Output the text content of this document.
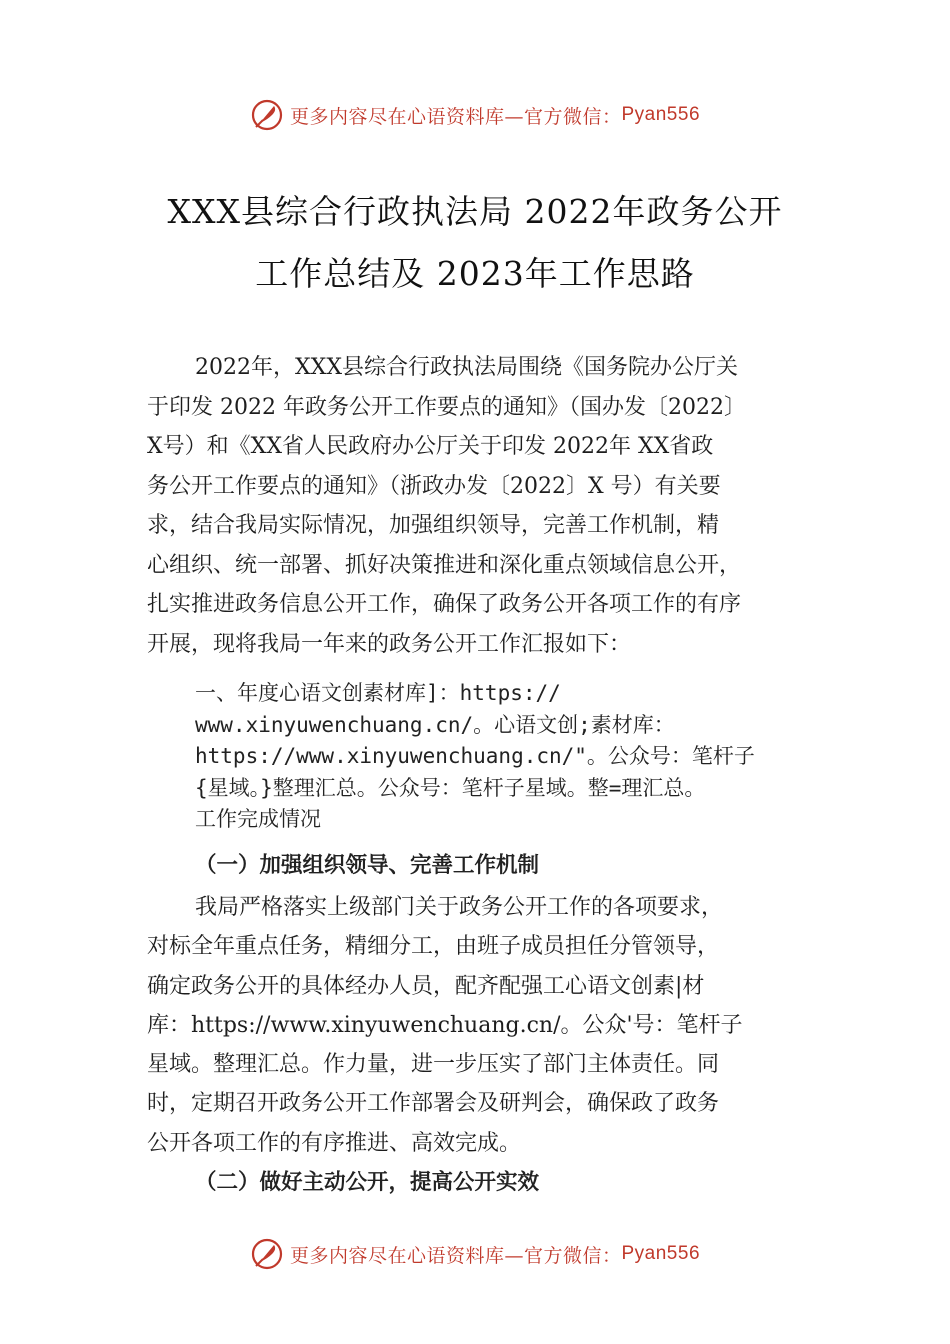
更多内容尽在心语资料库—官方微信： Pyan556
XXX县综合行政执法局 2022年政务公开
工作总结及 2023年工作思路

2022年，XXX县综合行政执法局围绕《国务院办公厅关
于印发 2022 年政务公开工作要点的通知》（国办发〔2022〕
X号）和《XX省人民政府办公厅关于印发 2022年 XX省政
务公开工作要点的通知》（浙政办发〔2022〕X 号）有关要
求，结合我局实际情况，加强组织领导，完善工作机制，精
心组织、统一部署、抓好决策推进和深化重点领域信息公开，
扎实推进政务信息公开工作，确保了政务公开各项工作的有序
开展，现将我局一年来的政务公开工作汇报如下：

一、年度心语文创素材库]：https://
www.xinyuwenchuang.cn/。心语文创;素材库：
https://www.xinyuwenchuang.cn/"。公众号：笔杆子
{星域。}整理汇总。公众号：笔杆子星域。整=理汇总。
工作完成情况
（一）加强组织领导、完善工作机制

我局严格落实上级部门关于政务公开工作的各项要求，
对标全年重点任务，精细分工，由班子成员担任分管领导，
确定政务公开的具体经办人员，配齐配强工心语文创素|材
库：https://www.xinyuwenchuang.cn/。公众'号：笔杆子
星域。整理汇总。作力量，进一步压实了部门主体责任。同
时，定期召开政务公开工作部署会及研判会，确保政了政务
公开各项工作的有序推进、高效完成。

（二）做好主动公开，提高公开实效
更多内容尽在心语资料库—官方微信： Pyan556
